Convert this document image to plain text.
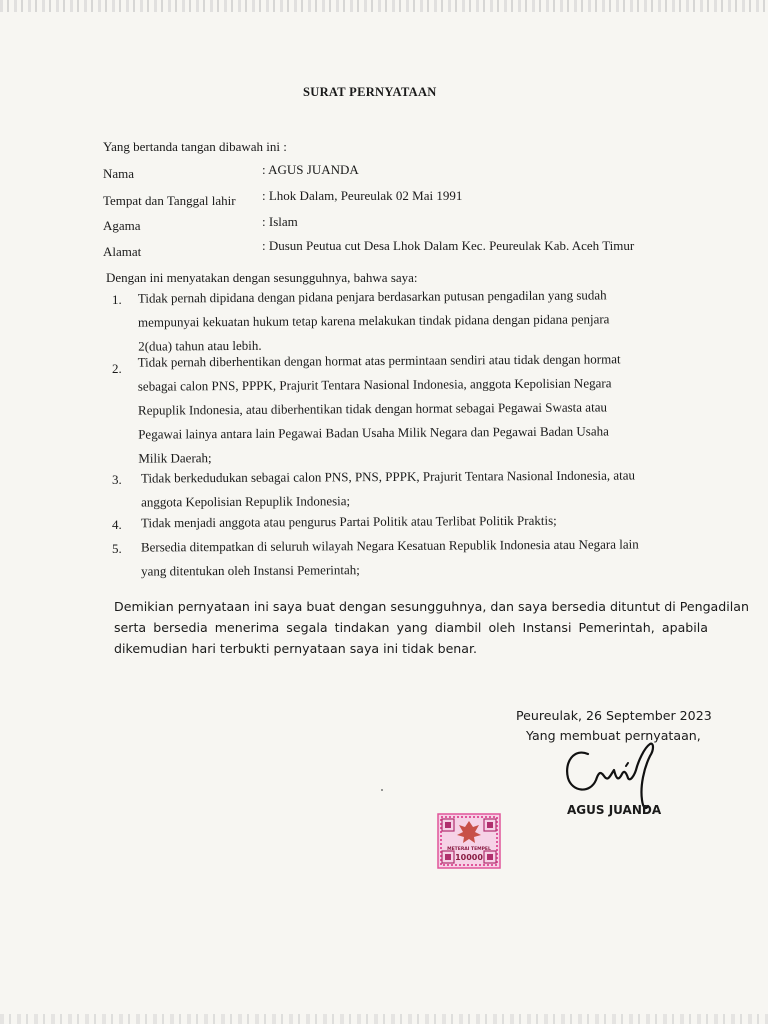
SURAT PERNYATAAN
Yang bertanda tangan dibawah ini :
Nama	: AGUS JUANDA
Tempat dan Tanggal lahir : Lhok Dalam, Peureulak 02 Mai 1991
Agama	: Islam
Alamat	: Dusun Peutua cut Desa Lhok Dalam Kec. Peureulak Kab. Aceh Timur
Dengan ini menyatakan dengan sesungguhnya, bahwa saya:
1. Tidak pernah dipidana dengan pidana penjara berdasarkan putusan pengadilan yang sudah
mempunyai kekuatan hukum tetap karena melakukan tindak pidana dengan pidana penjara
2(dua) tahun atau lebih.
2. Tidak pernah diberhentikan dengan hormat atas permintaan sendiri atau tidak dengan hormat
sebagai calon PNS, PPPK, Prajurit Tentara Nasional Indonesia, anggota Kepolisian Negara
Repuplik Indonesia, atau diberhentikan tidak dengan hormat sebagai Pegawai Swasta atau
Pegawai lainya antara lain Pegawai Badan Usaha Milik Negara dan Pegawai Badan Usaha
Milik Daerah;
3. Tidak berkedudukan sebagai calon PNS, PNS, PPPK, Prajurit Tentara Nasional Indonesia, atau
anggota Kepolisian Repuplik Indonesia;
4. Tidak menjadi anggota atau pengurus Partai Politik atau Terlibat Politik Praktis;
5. Bersedia ditempatkan di seluruh wilayah Negara Kesatuan Republik Indonesia atau Negara lain
yang ditentukan oleh Instansi Pemerintah;
Demikian pernyataan ini saya buat dengan sesungguhnya, dan saya bersedia dituntut di Pengadilan
serta bersedia menerima segala tindakan yang diambil oleh Instansi Pemerintah, apabila
dikemudian hari terbukti pernyataan saya ini tidak benar.
Peureulak, 26 September 2023
Yang membuat pernyataan,
AGUS JUANDA
METERAI TEMPEL
10000
